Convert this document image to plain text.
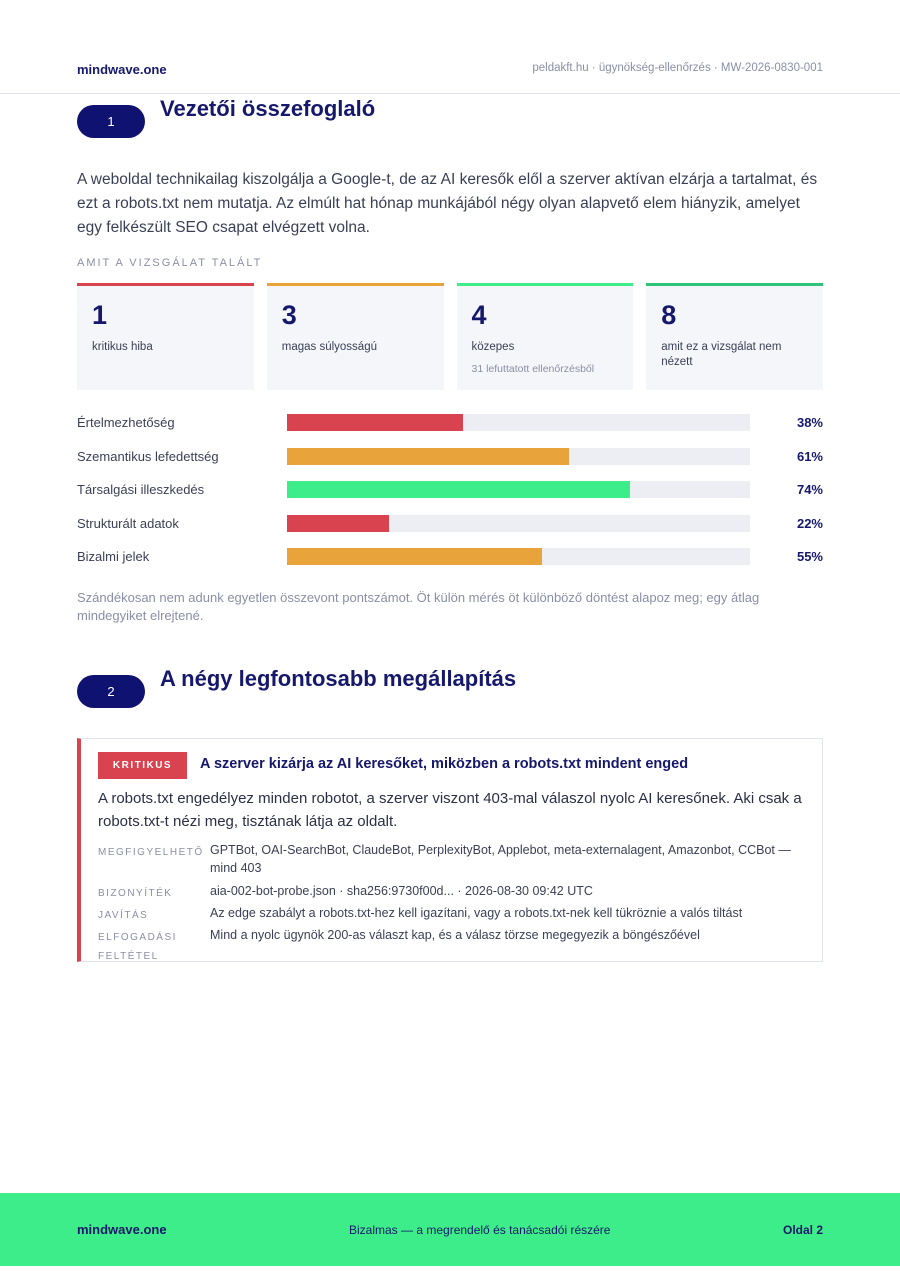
mindwave.one	peldakft.hu · ügynökség-ellenőrzés · MW-2026-0830-001
1
Vezetői összefoglaló

A weboldal technikailag kiszolgálja a Google-t, de az AI keresők elől a szerver aktívan elzárja a tartalmat, és ezt a robots.txt nem mutatja. Az elmúlt hat hónap munkájából négy olyan alapvető elem hiányzik, amelyet egy felkészült SEO csapat elvégzett volna.

AMIT A VIZSGÁLAT TALÁLT
1
kritikus hiba
3
magas súlyosságú
4
közepes
31 lefuttatott ellenőrzésből
8
amit ez a vizsgálat nem nézett
Értelmezhetőség	38%
Szemantikus lefedettség	61%
Társalgási illeszkedés	74%
Strukturált adatok	22%
Bizalmi jelek	55%

Szándékosan nem adunk egyetlen összevont pontszámot. Öt külön mérés öt különböző döntést alapoz meg; egy átlag mindegyiket elrejtené.

2
A négy legfontosabb megállapítás
KRITIKUS	A szerver kizárja az AI keresőket, miközben a robots.txt mindent enged

A robots.txt engedélyez minden robotot, a szerver viszont 403-mal válaszol nyolc AI keresőnek. Aki csak a robots.txt-t nézi meg, tisztának látja az oldalt.

MEGFIGYELHETŐ GPTBot, OAI-SearchBot, ClaudeBot, PerplexityBot, Applebot, meta-externalagent, Amazonbot, CCBot — mind 403
BIZONYÍTÉK	aia-002-bot-probe.json · sha256:9730f00d... · 2026-08-30 09:42 UTC
JAVÍTÁS	Az edge szabályt a robots.txt-hez kell igazítani, vagy a robots.txt-nek kell tükröznie a valós tiltást
ELFOGADÁSI FELTÉTEL
Mind a nyolc ügynök 200-as választ kap, és a válasz törzse megegyezik a böngészőével
mindwave.one	Bizalmas — a megrendelő és tanácsadói részére	Oldal 2
